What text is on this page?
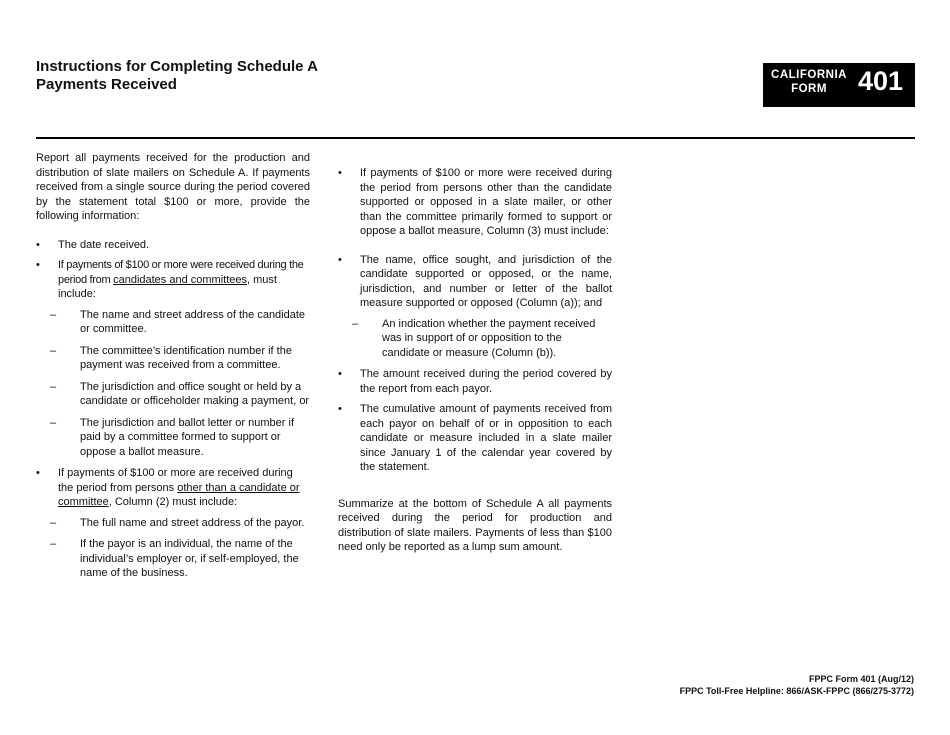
Instructions for Completing Schedule A
Payments Received
CALIFORNIA
FORM	401

Report all payments received for the production and distribution of slate mailers on Schedule A. If payments received from a single source during the period covered by the statement total $100 or more, provide the following information:

•	The date received.
•	If payments of $100 or more were received during the period from candidates and committees, must include:
– The name and street address of the candidate or committee.
– The committee’s identification number if the payment was received from a committee.
– The jurisdiction and office sought or held by a candidate or officeholder making a payment, or
– The jurisdiction and ballot letter or number if paid by a committee formed to support or oppose a ballot measure.
•	If payments of $100 or more are received during the period from persons other than a candidate or committee, Column (2) must include:
– The full name and street address of the payor.
– If the payor is an individual, the name of the individual’s employer or, if self-employed, the name of the business.
•	If payments of $100 or more were received during the period from persons other than the candidate supported or opposed in a slate mailer, or other than the committee primarily formed to support or oppose a ballot measure, Column (3) must include:
•	The name, office sought, and jurisdiction of the candidate supported or opposed, or the name, jurisdiction, and number or letter of the ballot measure supported or opposed (Column (a)); and
– An indication whether the payment received was in support of or opposition to the candidate or measure (Column (b)).
•	The amount received during the period covered by the report from each payor.
•	The cumulative amount of payments received from each payor on behalf of or in opposition to each candidate or measure included in a slate mailer since January 1 of the calendar year covered by the statement.

Summarize at the bottom of Schedule A all payments received during the period for production and distribution of slate mailers. Payments of less than $100 need only be reported as a lump sum amount.

FPPC Form 401 (Aug/12)
FPPC Toll-Free Helpline: 866/ASK-FPPC (866/275-3772)
